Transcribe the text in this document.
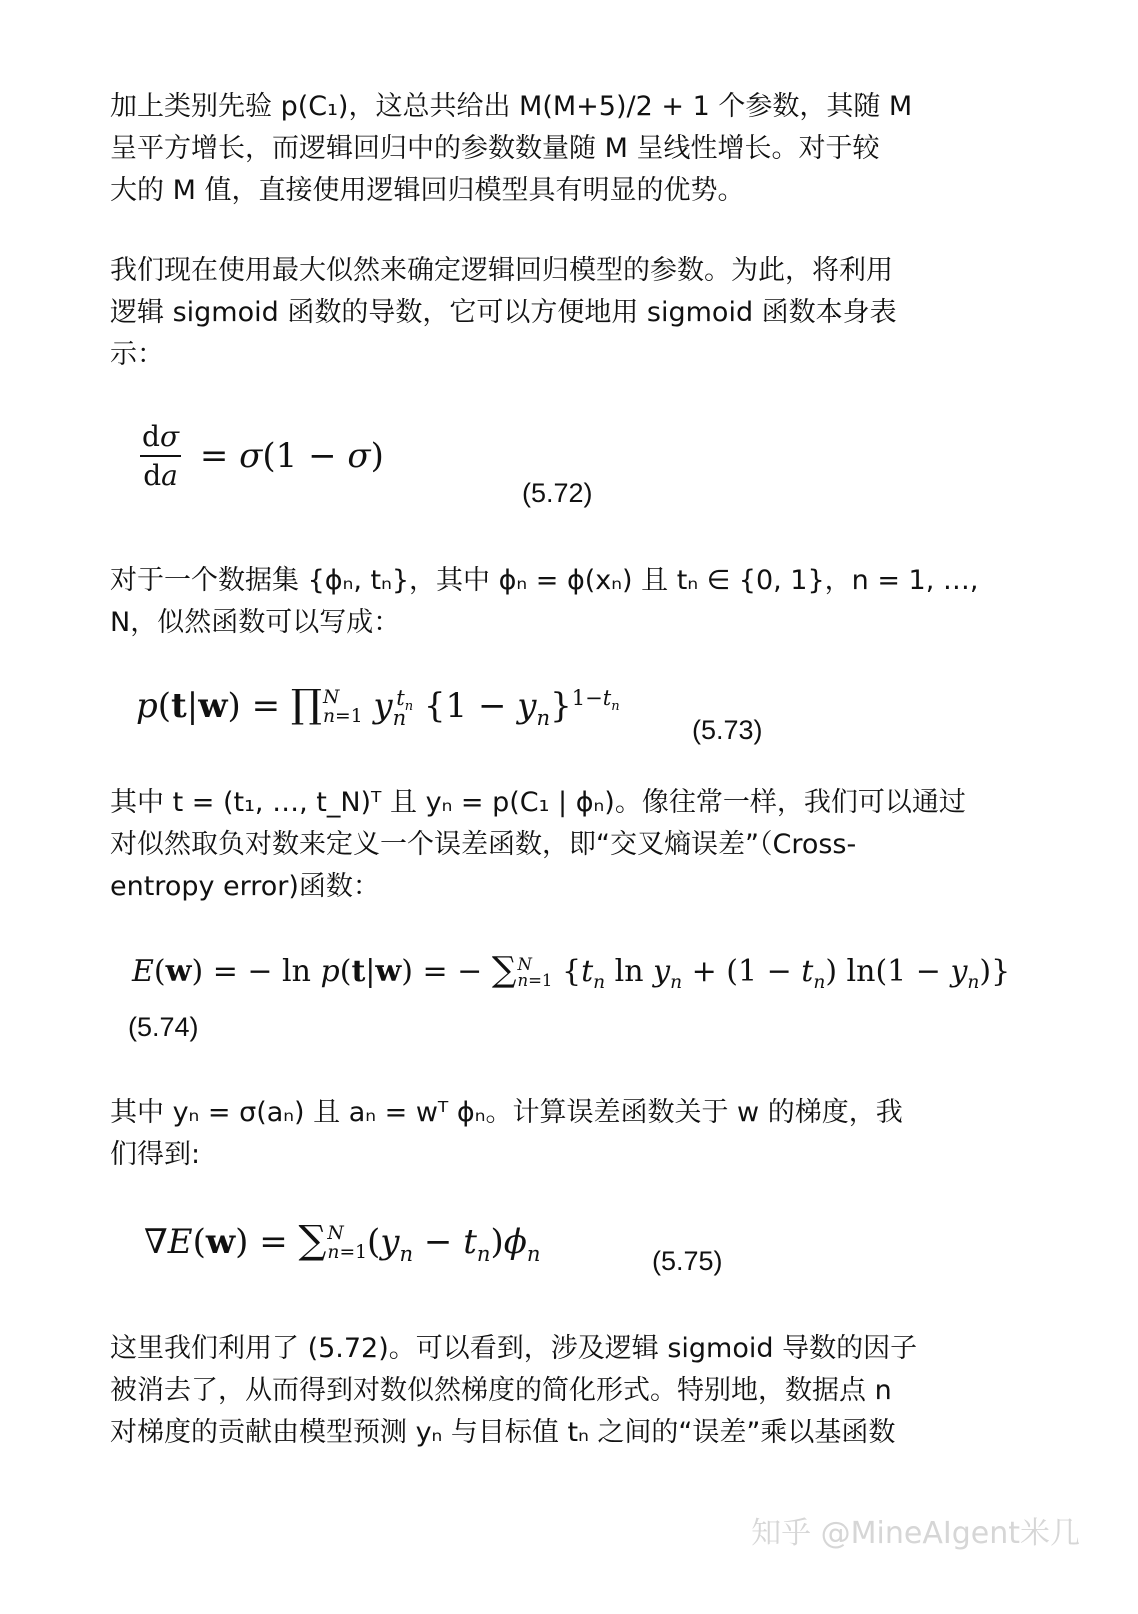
加上类别先验 p(C₁)，这总共给出 M(M+5)/2 + 1 个参数，其随 M
呈平方增长，而逻辑回归中的参数数量随 M 呈线性增长。对于较
大的 M 值，直接使用逻辑回归模型具有明显的优势。

我们现在使用最大似然来确定逻辑回归模型的参数。为此，将利用
逻辑 sigmoid 函数的导数，它可以方便地用 sigmoid 函数本身表
示：

$\frac{d\sigma}{da} = \sigma(1 - \sigma)$
(5.72)

对于一个数据集 {ϕₙ, tₙ}，其中 ϕₙ = ϕ(xₙ) 且 tₙ ∈ {0, 1}，n = 1, …,
N，似然函数可以写成：

p(t|w) = ∏ N
n=1 $y_n^{t_n}$ $\{1 - y_n\}^{1-t_n}$
(5.73)

其中 t = (t₁, …, t_N)ᵀ 且 yₙ = p(C₁ | ϕₙ)。像往常一样，我们可以通过
对似然取负对数来定义一个误差函数，即“交叉熵误差”（Cross-
entropy error)函数：

E(w) = − ln p(t|w) = − ∑ N
n=1 {$t_n$ $\ln y_n + (1 - t_n) \ln(1 - y_n)$}
(5.74)

其中 yₙ = σ(aₙ) 且 aₙ = wᵀ ϕₙ。计算误差函数关于 w 的梯度，我
们得到:

∇E(w) = ∑ N
n=1 $(y_n - t_n)\phi_n$	(5.75)

这里我们利用了 (5.72)。可以看到，涉及逻辑 sigmoid 导数的因子
被消去了，从而得到对数似然梯度的简化形式。特别地，数据点 n
对梯度的贡献由模型预测 yₙ 与目标值 tₙ 之间的“误差”乘以基函数

知乎 @MineAIgent米几
